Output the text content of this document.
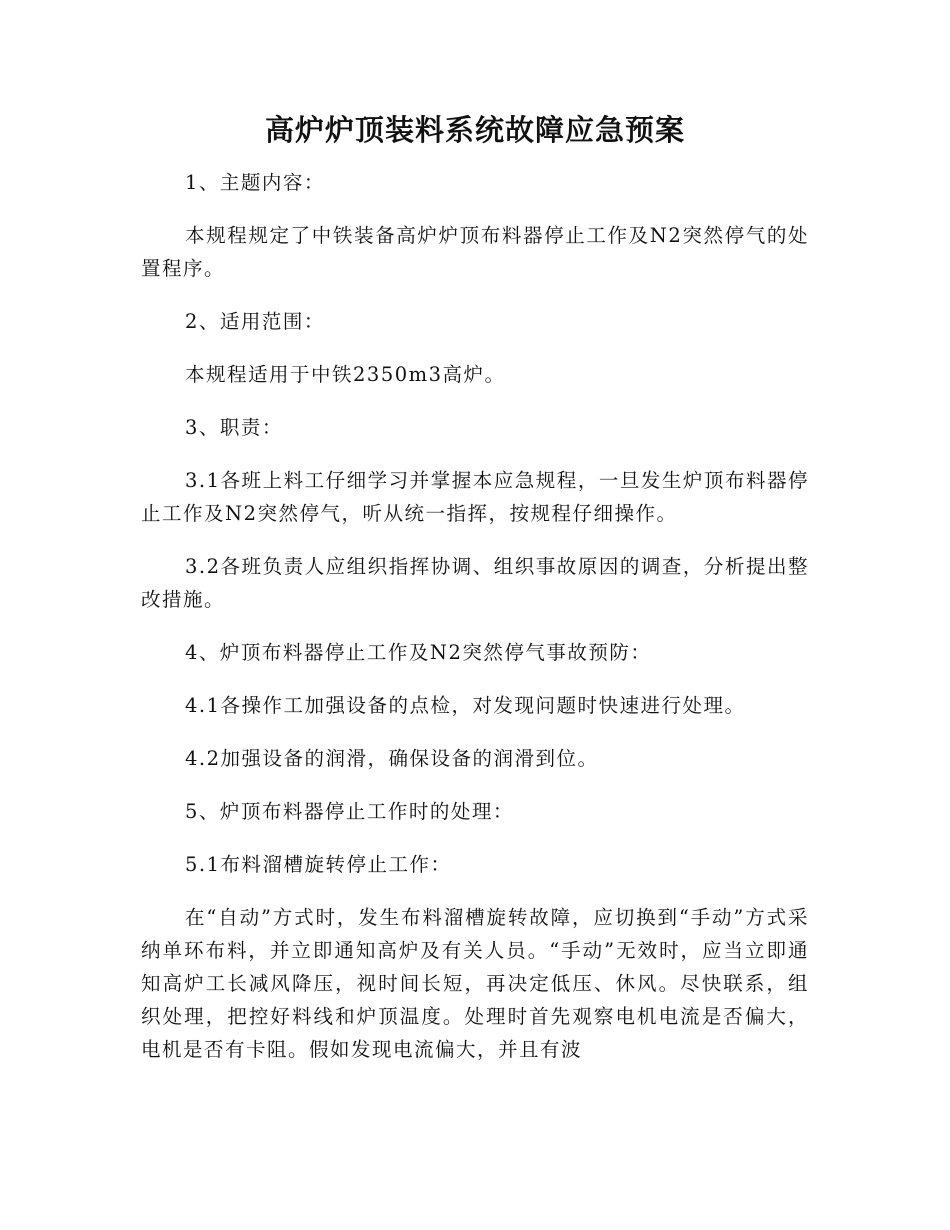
高炉炉顶装料系统故障应急预案

1、主题内容：

本规程规定了中铁装备高炉炉顶布料器停止工作及N2突然停气的处置程序。

2、适用范围：

本规程适用于中铁2350m3高炉。

3、职责：

3.1各班上料工仔细学习并掌握本应急规程，一旦发生炉顶布料器停止工作及N2突然停气，听从统一指挥，按规程仔细操作。

3.2各班负责人应组织指挥协调、组织事故原因的调查，分析提出整改措施。

4、炉顶布料器停止工作及N2突然停气事故预防：

4.1各操作工加强设备的点检，对发现问题时快速进行处理。

4.2加强设备的润滑，确保设备的润滑到位。

5、炉顶布料器停止工作时的处理：

5.1布料溜槽旋转停止工作：

在“自动”方式时，发生布料溜槽旋转故障，应切换到“手动”方式采纳单环布料，并立即通知高炉及有关人员。“手动”无效时，应当立即通知高炉工长减风降压，视时间长短，再决定低压、休风。尽快联系，组织处理，把控好料线和炉顶温度。处理时首先观察电机电流是否偏大，电机是否有卡阻。假如发现电流偏大，并且有波
